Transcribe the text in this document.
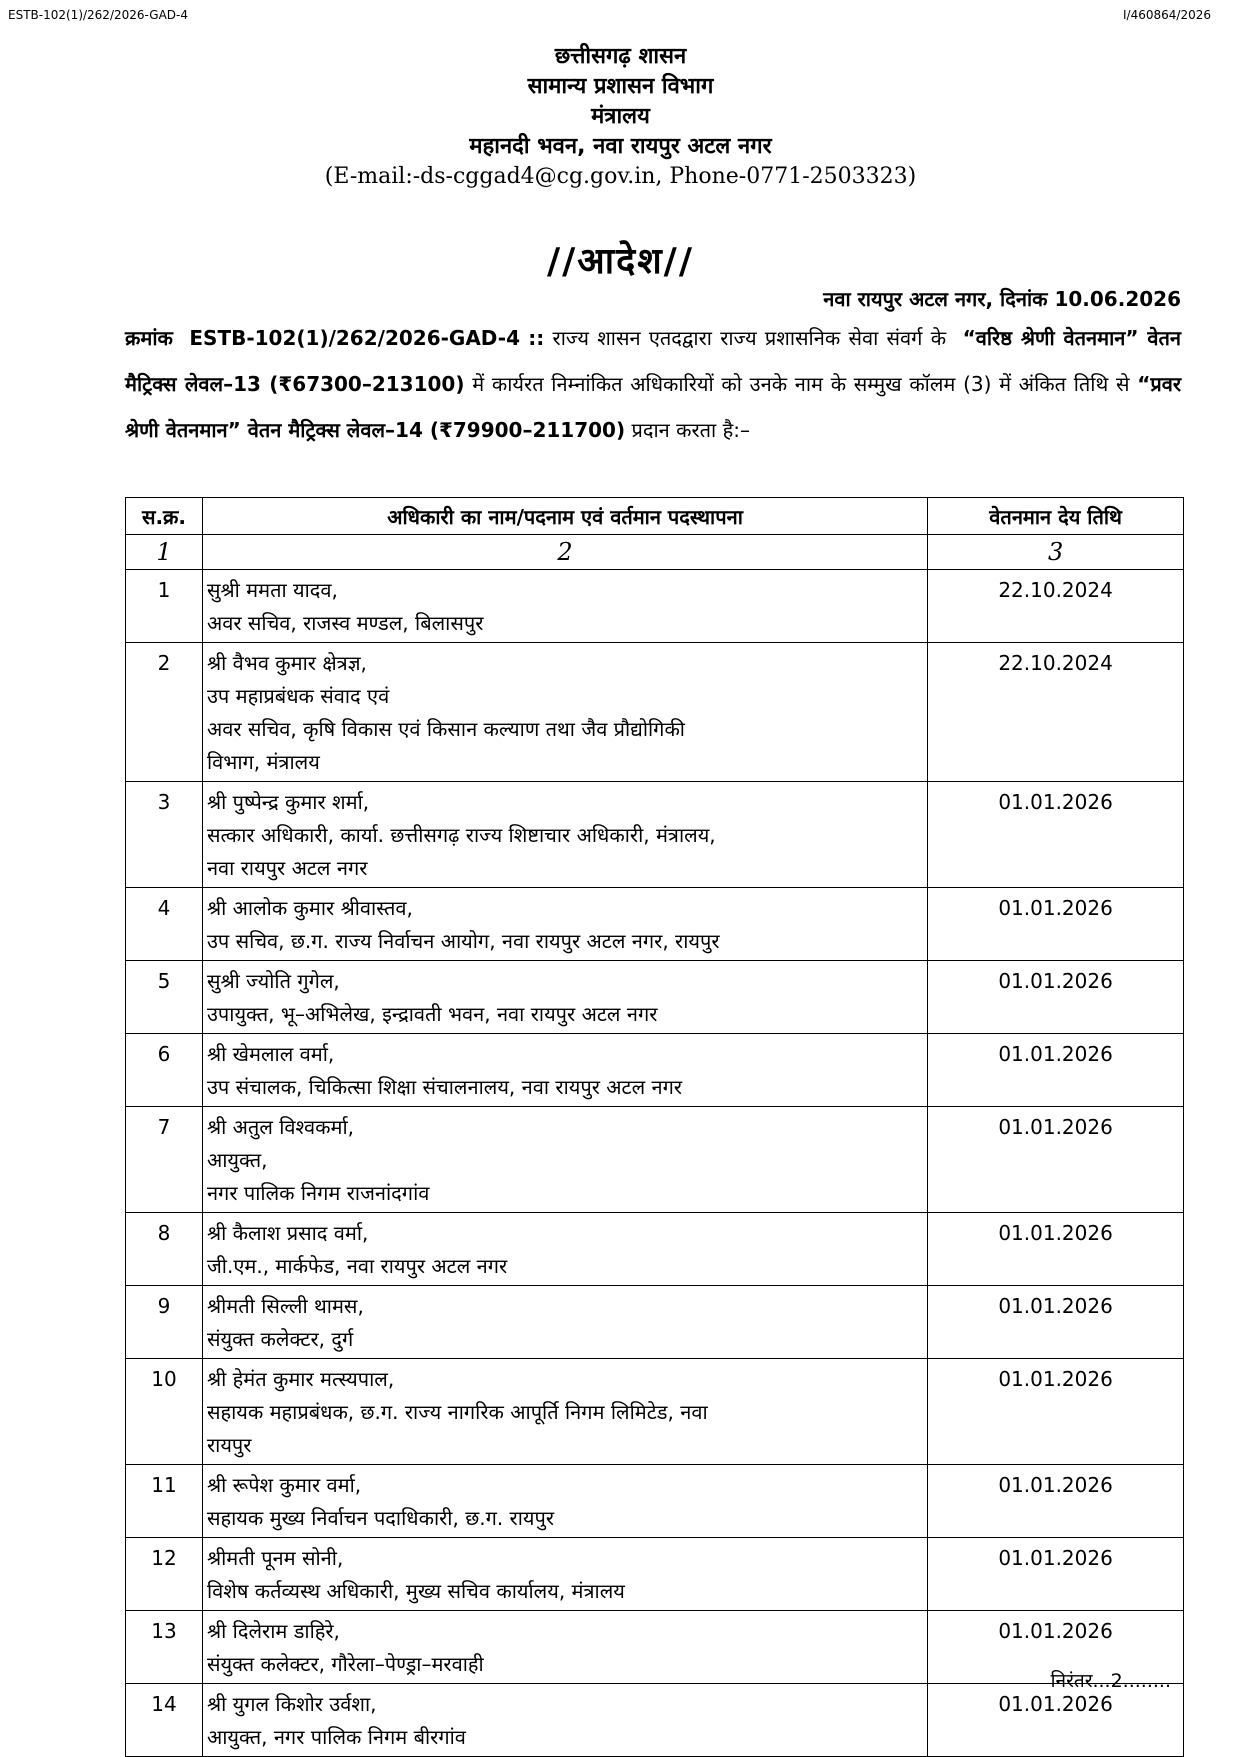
ESTB-102(1)/262/2026-GAD-4	I/460864/2026
छत्तीसगढ़ शासन
सामान्य प्रशासन विभाग
मंत्रालय
महानदी भवन, नवा रायपुर अटल नगर
(E-mail:-ds-cggad4@cg.gov.in, Phone-0771-2503323)
//आदेश//
नवा रायपुर अटल नगर, दिनांक 10.06.2026
क्रमांक ESTB-102(1)/262/2026-GAD-4 :: राज्य शासन एतदद्वारा राज्य प्रशासनिक सेवा संवर्ग के “वरिष्ठ श्रेणी वेतनमान” वेतन मैट्रिक्स लेवल–13 (₹67300–213100) में कार्यरत निम्नांकित अधिकारियों को उनके नाम के सम्मुख कॉलम (3) में अंकित तिथि से “प्रवर श्रेणी वेतनमान” वेतन मैट्रिक्स लेवल–14 (₹79900–211700) प्रदान करता है:–
स.क्र.	अधिकारी का नाम/पदनाम एवं वर्तमान पदस्थापना	वेतनमान देय तिथि
1	2	3
1	सुश्री ममता यादव,
अवर सचिव, राजस्व मण्डल, बिलासपुर	22.10.2024
2	श्री वैभव कुमार क्षेत्रज्ञ,
उप महाप्रबंधक संवाद एवं
अवर सचिव, कृषि विकास एवं किसान कल्याण तथा जैव प्रौद्योगिकी
विभाग, मंत्रालय	22.10.2024
3	श्री पुष्पेन्द्र कुमार शर्मा,
सत्कार अधिकारी, कार्या. छत्तीसगढ़ राज्य शिष्टाचार अधिकारी, मंत्रालय,
नवा रायपुर अटल नगर	01.01.2026
4	श्री आलोक कुमार श्रीवास्तव,
उप सचिव, छ.ग. राज्य निर्वाचन आयोग, नवा रायपुर अटल नगर, रायपुर	01.01.2026
5	सुश्री ज्योति गुगेल,
उपायुक्त, भू–अभिलेख, इन्द्रावती भवन, नवा रायपुर अटल नगर	01.01.2026
6	श्री खेमलाल वर्मा,
उप संचालक, चिकित्सा शिक्षा संचालनालय, नवा रायपुर अटल नगर	01.01.2026
7	श्री अतुल विश्वकर्मा,
आयुक्त,
नगर पालिक निगम राजनांदगांव	01.01.2026
8	श्री कैलाश प्रसाद वर्मा,
जी.एम., मार्कफेड, नवा रायपुर अटल नगर	01.01.2026
9	श्रीमती सिल्ली थामस,
संयुक्त कलेक्टर, दुर्ग	01.01.2026
10	श्री हेमंत कुमार मत्स्यपाल,
सहायक महाप्रबंधक, छ.ग. राज्य नागरिक आपूर्ति निगम लिमिटेड, नवा
रायपुर	01.01.2026
11	श्री रूपेश कुमार वर्मा,
सहायक मुख्य निर्वाचन पदाधिकारी, छ.ग. रायपुर	01.01.2026
12	श्रीमती पूनम सोनी,
विशेष कर्तव्यस्थ अधिकारी, मुख्य सचिव कार्यालय, मंत्रालय	01.01.2026
13	श्री दिलेराम डाहिरे,
संयुक्त कलेक्टर, गौरेला–पेण्ड्रा–मरवाही	01.01.2026
14	श्री युगल किशोर उर्वशा,
आयुक्त, नगर पालिक निगम बीरगांव	01.01.2026
निरंतर...2........
